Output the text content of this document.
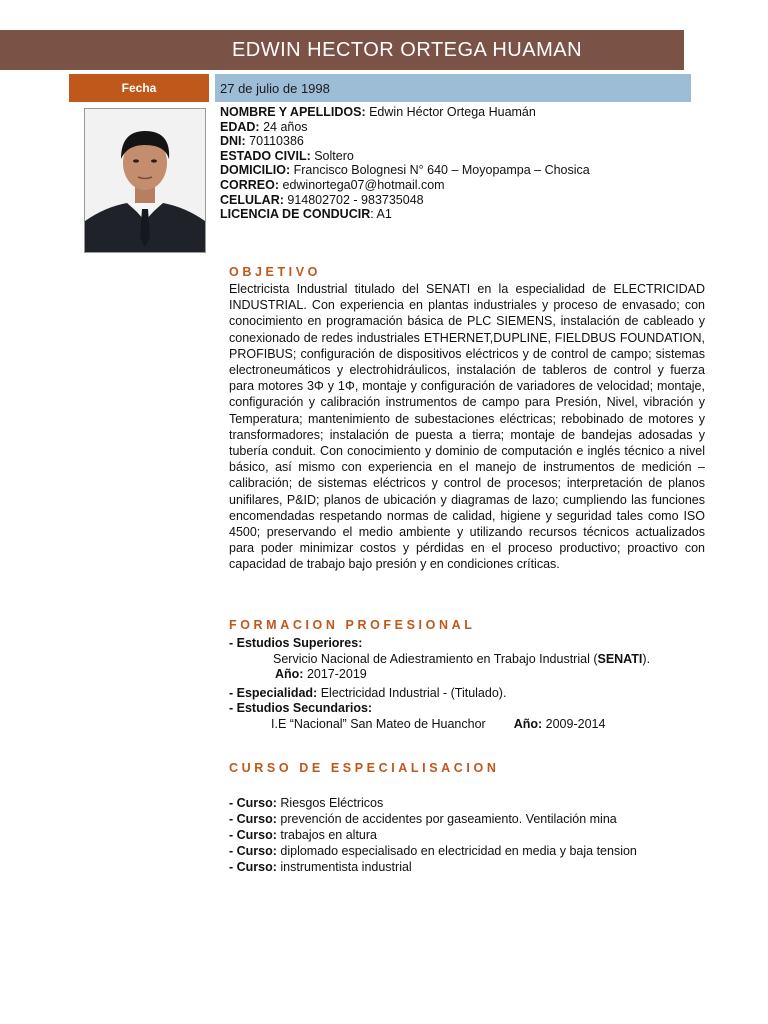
EDWIN HECTOR ORTEGA HUAMAN
Fecha	27 de julio de 1998
NOMBRE Y APELLIDOS: Edwin Héctor Ortega Huamán
EDAD: 24 años
DNI: 70110386
ESTADO CIVIL: Soltero
DOMICILIO: Francisco Bolognesi N° 640 – Moyopampa – Chosica
CORREO: edwinortega07@hotmail.com
CELULAR: 914802702 - 983735048
LICENCIA DE CONDUCIR: A1
OBJETIVO
Electricista Industrial titulado del SENATI en la especialidad de ELECTRICIDAD INDUSTRIAL. Con experiencia en plantas industriales y proceso de envasado; con conocimiento en programación básica de PLC SIEMENS, instalación de cableado y conexionado de redes industriales ETHERNET,DUPLINE, FIELDBUS FOUNDATION, PROFIBUS; configuración de dispositivos eléctricos y de control de campo; sistemas electroneumáticos y electrohidráulicos, instalación de tableros de control y fuerza para motores 3Φ y 1Φ, montaje y configuración de variadores de velocidad; montaje, configuración y calibración instrumentos de campo para Presión, Nivel, vibración y Temperatura; mantenimiento de subestaciones eléctricas; rebobinado de motores y transformadores; instalación de puesta a tierra; montaje de bandejas adosadas y tubería conduit. Con conocimiento y dominio de computación e inglés técnico a nivel básico, así mismo con experiencia en el manejo de instrumentos de medición – calibración; de sistemas eléctricos y control de procesos; interpretación de planos unifilares, P&ID; planos de ubicación y diagramas de lazo; cumpliendo las funciones encomendadas respetando normas de calidad, higiene y seguridad tales como ISO 4500; preservando el medio ambiente y utilizando recursos técnicos actualizados para poder minimizar costos y pérdidas en el proceso productivo; proactivo con capacidad de trabajo bajo presión y en condiciones críticas.
FORMACION PROFESIONAL
- Estudios Superiores:
Servicio Nacional de Adiestramiento en Trabajo Industrial (SENATI).
Año: 2017-2019
- Especialidad: Electricidad Industrial - (Titulado).
- Estudios Secundarios:
I.E “Nacional” San Mateo de Huanchor Año: 2009-2014
CURSO DE ESPECIALISACION
- Curso: Riesgos Eléctricos
- Curso: prevención de accidentes por gaseamiento. Ventilación mina
- Curso: trabajos en altura
- Curso: diplomado especialisado en electricidad en media y baja tension
- Curso: instrumentista industrial
